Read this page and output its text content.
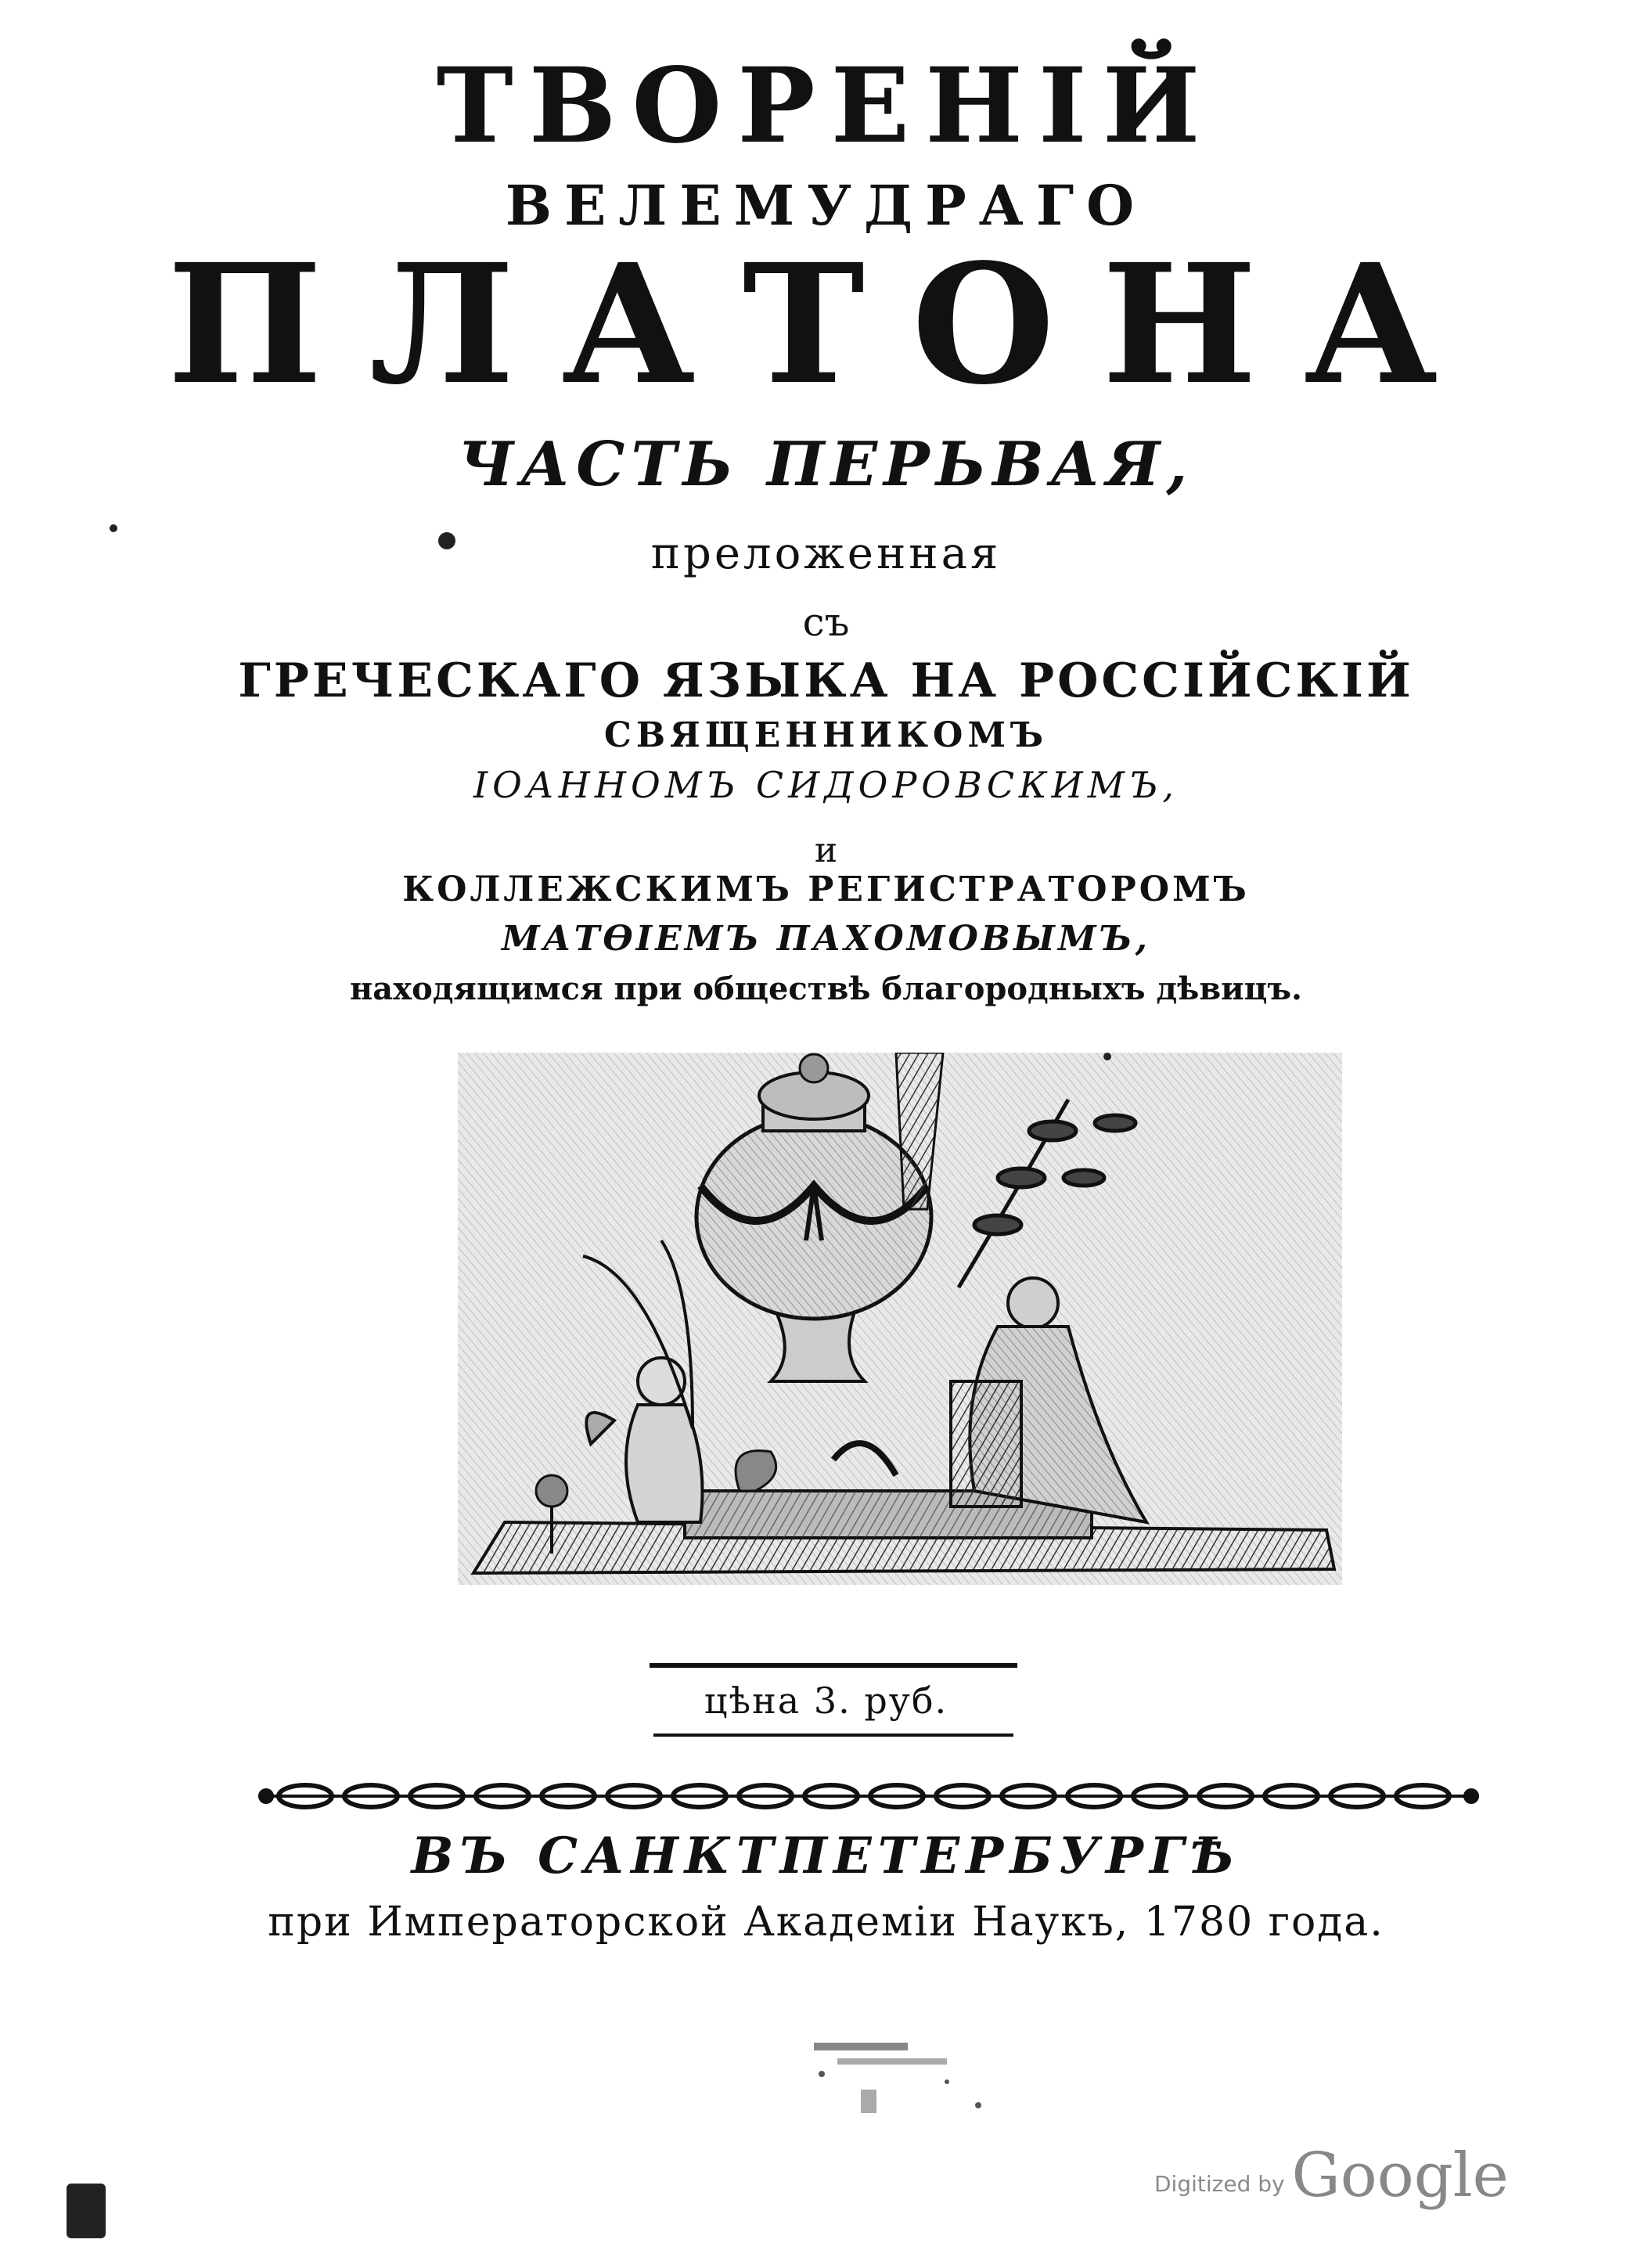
ТВОРЕНIЙ
ВЕЛЕМУДРАГО
ПЛАТОНА
ЧАСТЬ ПЕРЬВАЯ,
преложенная
съ
ГРЕЧЕСКАГО ЯЗЫКА НА РОССIЙСКIЙ
СВЯЩЕННИКОМЪ
IОАННОМЪ СИДОРОВСКИМЪ,
и
КОЛЛЕЖСКИМЪ РЕГИСТРАТОРОМЪ
МАТѲIЕМЪ ПАХОМОВЫМЪ,
находящимся при обществѣ благородныхъ дѣвицъ.
цѣна 3. руб.
ВЪ САНКТПЕТЕРБУРГѢ
при Императорской Академiи Наукъ, 1780 года.
Digitized by Google
